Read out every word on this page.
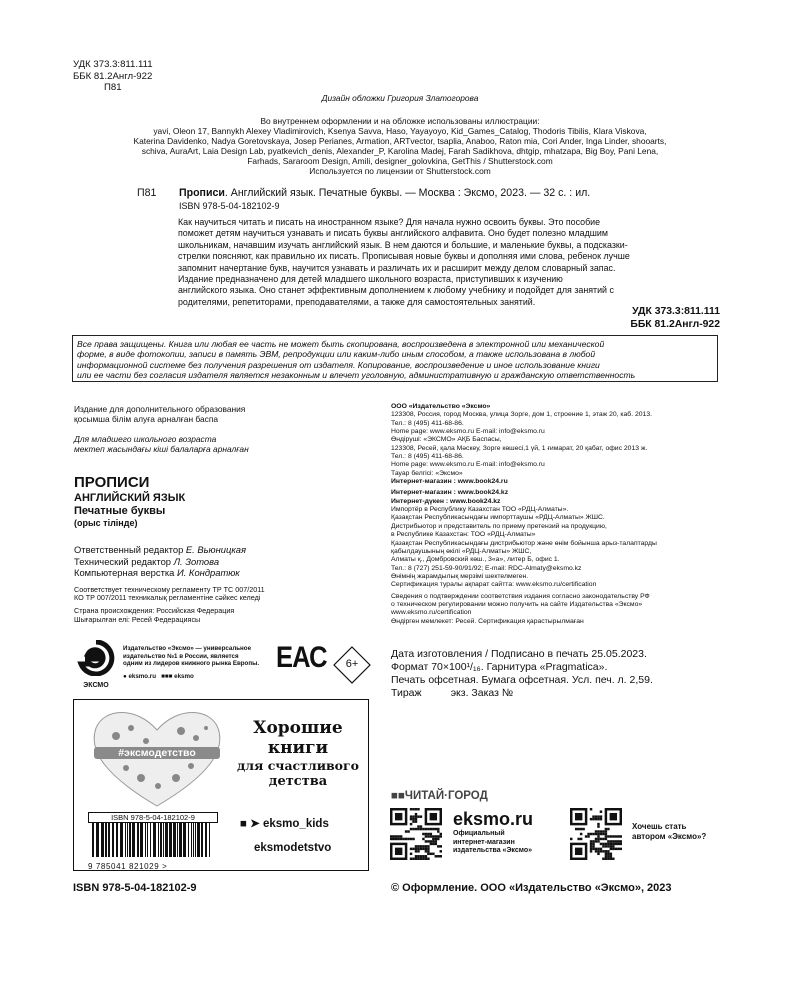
УДК 373.3:811.111
ББК 81.2Англ-922
П81
Дизайн обложки Григория Златогорова
Во внутреннем оформлении и на обложке использованы иллюстрации:
yavi, Oleon 17, Bannykh Alexey Vladimirovich, Ksenya Savva, Haso, Yayayoyo, Kid_Games_Catalog, Thodoris Tibilis, Klara Viskova,
Katerina Davidenko, Nadya Goretovskaya, Josep Perianes, Armation, ARTvector, tsaplia, Anaboo, Raton mia, Cori Ander, Inga Linder, shooarts,
schiva, AuraArt, Laia Design Lab, pyatkevich_denis, Alexander_P, Karolina Madej, Farah Sadikhova, dhtgip, mhatzapa, Big Boy, Pani Lena,
Farhads, Sararoom Design, Amili, designer_golovkina, GetThis / Shutterstock.com
Используется по лицензии от Shutterstock.com
П81 Прописи. Английский язык. Печатные буквы. — Москва : Эксмо, 2023. — 32 с. : ил.
ISBN 978-5-04-182102-9
Как научиться читать и писать на иностранном языке? Для начала нужно освоить буквы. Это пособие
поможет детям научиться узнавать и писать буквы английского алфавита. Оно будет полезно младшим
школьникам, начавшим изучать английский язык. В нем даются и большие, и маленькие буквы, а подсказки-
стрелки поясняют, как правильно их писать. Прописывая новые буквы и дополняя ими слова, ребенок лучше
запомнит начертание букв, научится узнавать и различать их и расширит между делом словарный запас.
Издание предназначено для детей младшего школьного возраста, приступивших к изучению
английского языка. Оно станет эффективным дополнением к любому учебнику и подойдет для занятий с
родителями, репетиторами, преподавателями, а также для самостоятельных занятий.
УДК 373.3:811.111
ББК 81.2Англ-922
Все права защищены. Книга или любая ее часть не может быть скопирована, воспроизведена в электронной или механической
форме, в виде фотокопии, записи в память ЭВМ, репродукции или каким-либо иным способом, а также использована в любой
информационной системе без получения разрешения от издателя. Копирование, воспроизведение и иное использование книги
или ее части без согласия издателя является незаконным и влечет уголовную, административную и гражданскую ответственность
Издание для дополнительного образования
қосымша білім алуға арналған баспа
Для младшего школьного возраста
мектеп жасындағы кіші балаларға арналған
ПРОПИСИ
АНГЛИЙСКИЙ ЯЗЫК
Печатные буквы
(орыс тілінде)
Ответственный редактор Е. Вьюницкая
Технический редактор Л. Зотова
Компьютерная верстка И. Кондратюк
Соответствует техническому регламенту ТР ТС 007/2011
КО ТР 007/2011 техникалық регламентіне сәйкес келеді
Страна происхождения: Российская Федерация
Шығарылған елі: Ресей Федерациясы
ООО «Издательство «Эксмо»
123308, Россия, город Москва, улица Зорге, дом 1, строение 1, этаж 20, каб. 2013.
Тел.: 8 (495) 411-68-86.
Home page: www.eksmo.ru E-mail: info@eksmo.ru
Өндіруші: «ЭКСМО» АҚБ Баспасы,
123308, Ресей, қала Мәскеу, Зорге көшесі,1 үй, 1 ғимарат, 20 қабат, офис 2013 ж.
Тел.: 8 (495) 411-68-86.
Home page: www.eksmo.ru E-mail: info@eksmo.ru
Тауар белгісі: «Эксмо»
Интернет-магазин : www.book24.ru
Интернет-магазин : www.book24.kz
Интернет-дүкен : www.book24.kz
Импортёр в Республику Казахстан ТОО «РДЦ-Алматы».
Қазақстан Республикасындағы импорттаушы «РДЦ-Алматы» ЖШС.
Дистрибьютор и представитель по приему претензий на продукцию,
в Республике Казахстан: ТОО «РДЦ-Алматы»
Қазақстан Республикасындағы дистрибьютор және өнім бойынша арыз-талаптарды
қабылдаушының өкілі «РДЦ-Алматы» ЖШС,
Алматы қ., Домбровский көш., 3«а», литер Б, офис 1.
Тел.: 8 (727) 251-59-90/91/92; E-mail: RDC-Almaty@eksmo.kz
Өнімнің жарамдылық мерзімі шектелмеген.
Сертификация туралы ақпарат сайтта: www.eksmo.ru/certification
Сведения о подтверждении соответствия издания согласно законодательству РФ
о техническом регулировании можно получить на сайте Издательства «Эксмо»
www.eksmo.ru/certification
Өндірген мемлекет: Ресей. Сертификация қарастырылмаған
ЭКСМО
Издательство «Эксмо» — универсальное
издательство №1 в России, является
одним из лидеров книжного рынка Европы.
● eksmo.ru ■■■ eksmo
ЕАС	6+
Дата изготовления / Подписано в печать 25.05.2023.
Формат 70×100¹/₁₆. Гарнитура «Pragmatica».
Печать офсетная. Бумага офсетная. Усл. печ. л. 2,59.
Тираж          экз. Заказ №
#эксмодетство
Хорошие
книги
для счастливого
детства
ISBN 978-5-04-182102-9
9 785041 821029 >
■ ➤ eksmo_kids
eksmodetstvo
■■ЧИТАЙ·ГОРОД
eksmo.ru
Официальный
интернет-магазин
издательства «Эксмо»
Хочешь стать
автором «Эксмо»?
ISBN 978-5-04-182102-9	© Оформление. ООО «Издательство «Эксмо», 2023
